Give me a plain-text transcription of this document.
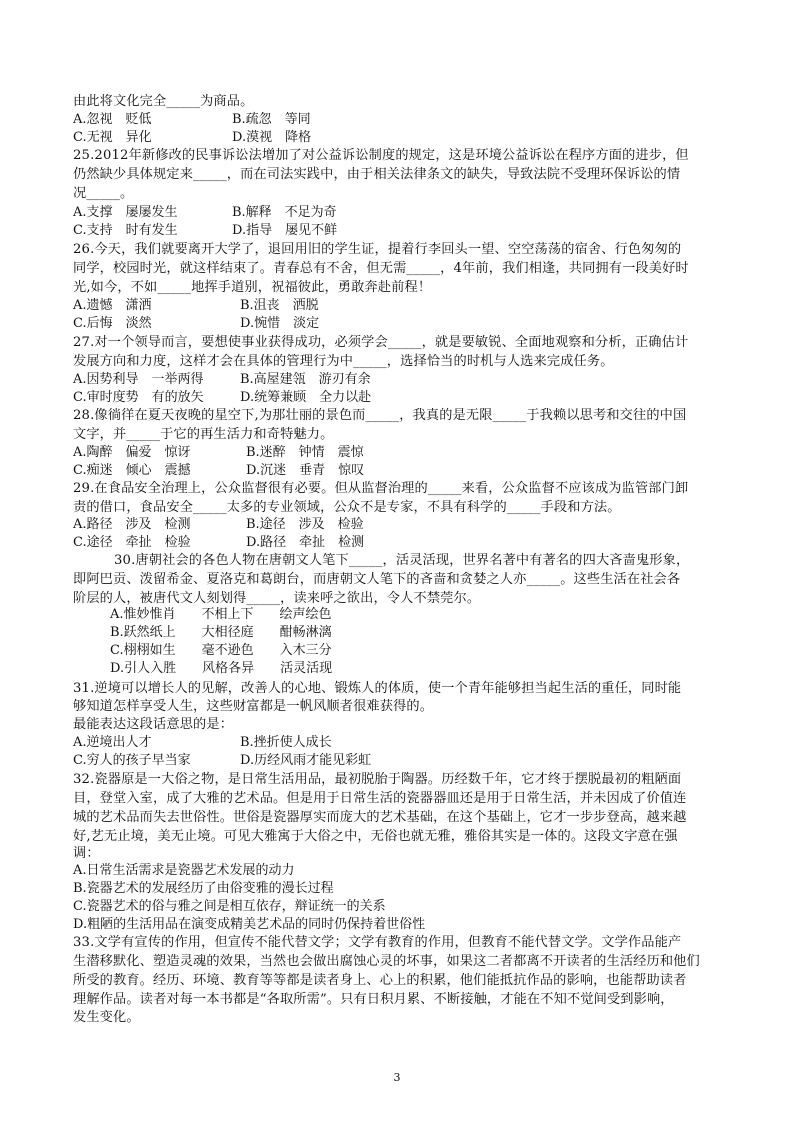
由此将文化完全_____为商品。
A.忽视　贬低	B.疏忽　等同
C.无视　异化	D.漠视　降格
25.2012年新修改的民事诉讼法增加了对公益诉讼制度的规定，这是环境公益诉讼在程序方面的进步，但
仍然缺少具体规定来_____，而在司法实践中，由于相关法律条文的缺失，导致法院不受理环保诉讼的情
况_____。
A.支撑　屡屡发生	B.解释　不足为奇
C.支持　时有发生	D.指导　屡见不鲜
26.今天，我们就要离开大学了，退回用旧的学生证，提着行李回头一望、空空荡荡的宿舍、行色匆匆的
同学，校园时光，就这样结束了。青春总有不舍，但无需_____，4年前，我们相逢，共同拥有一段美好时
光,如今，不如_____地挥手道别，祝福彼此，勇敢奔赴前程！
A.遗憾　潇洒	B.沮丧　洒脱
C.后悔　淡然	D.惋惜　淡定
27.对一个领导而言，要想使事业获得成功，必须学会_____，就是要敏锐、全面地观察和分析，正确估计
发展方向和力度，这样才会在具体的管理行为中_____，选择恰当的时机与人选来完成任务。
A.因势利导　一举两得	B.高屋建瓴　游刃有余
C.审时度势　有的放矢	D.统筹兼顾　全力以赴
28.像徜徉在夏天夜晚的星空下,为那壮丽的景色而_____，我真的是无限_____于我赖以思考和交往的中国
文字，并_____于它的再生活力和奇特魅力。
A.陶醉　偏爱　惊讶	B.迷醉　钟情　震惊
C.痴迷　倾心　震撼	D.沉迷　垂青　惊叹
29.在食品安全治理上，公众监督很有必要。但从监督治理的_____来看，公众监督不应该成为监管部门卸
责的借口，食品安全_____太多的专业领域，公众不是专家，不具有科学的_____手段和方法。
A.路径　涉及　检测	B.途径　涉及　检验
C.途径　牵扯　检验	D.路径　牵扯　检测
30.唐朝社会的各色人物在唐朝文人笔下_____，活灵活现，世界名著中有著名的四大吝啬鬼形象，
即阿巴贡、泼留希金、夏洛克和葛朗台，而唐朝文人笔下的吝啬和贪婪之人亦_____。这些生活在社会各
阶层的人，被唐代文人刻划得_____，读来呼之欲出，令人不禁莞尔。
A.惟妙惟肖　　不相上下　　绘声绘色
B.跃然纸上　　大相径庭　　酣畅淋漓
C.栩栩如生　　毫不逊色　　入木三分
D.引人入胜　　风格各异　　活灵活现
31.逆境可以增长人的见解，改善人的心地、锻炼人的体质，使一个青年能够担当起生活的重任，同时能
够知道怎样享受人生，这些财富都是一帆风顺者很难获得的。
最能表达这段话意思的是：
A.逆境出人才	B.挫折使人成长
C.穷人的孩子早当家	D.历经风雨才能见彩虹
32.瓷器原是一大俗之物，是日常生活用品，最初脱胎于陶器。历经数千年，它才终于摆脱最初的粗陋面
目，登堂入室，成了大雅的艺术品。但是用于日常生活的瓷器器皿还是用于日常生活，并未因成了价值连
城的艺术品而失去世俗性。世俗是瓷器厚实而庞大的艺术基础，在这个基础上，它才一步步登高，越来越
好,艺无止境，美无止境。可见大雅寓于大俗之中，无俗也就无雅，雅俗其实是一体的。这段文字意在强
调：
A.日常生活需求是瓷器艺术发展的动力
B.瓷器艺术的发展经历了由俗变雅的漫长过程
C.瓷器艺术的俗与雅之间是相互依存，辩证统一的关系
D.粗陋的生活用品在演变成精美艺术品的同时仍保持着世俗性
33.文学有宣传的作用，但宣传不能代替文学；文学有教育的作用，但教育不能代替文学。文学作品能产
生潜移默化、塑造灵魂的效果，当然也会做出腐蚀心灵的坏事，如果这二者都离不开读者的生活经历和他们
所受的教育。经历、环境、教育等等都是读者身上、心上的积累，他们能抵抗作品的影响，也能帮助读者
理解作品。读者对每一本书都是“各取所需”。只有日积月累、不断接触，才能在不知不觉间受到影响，
发生变化。
3
